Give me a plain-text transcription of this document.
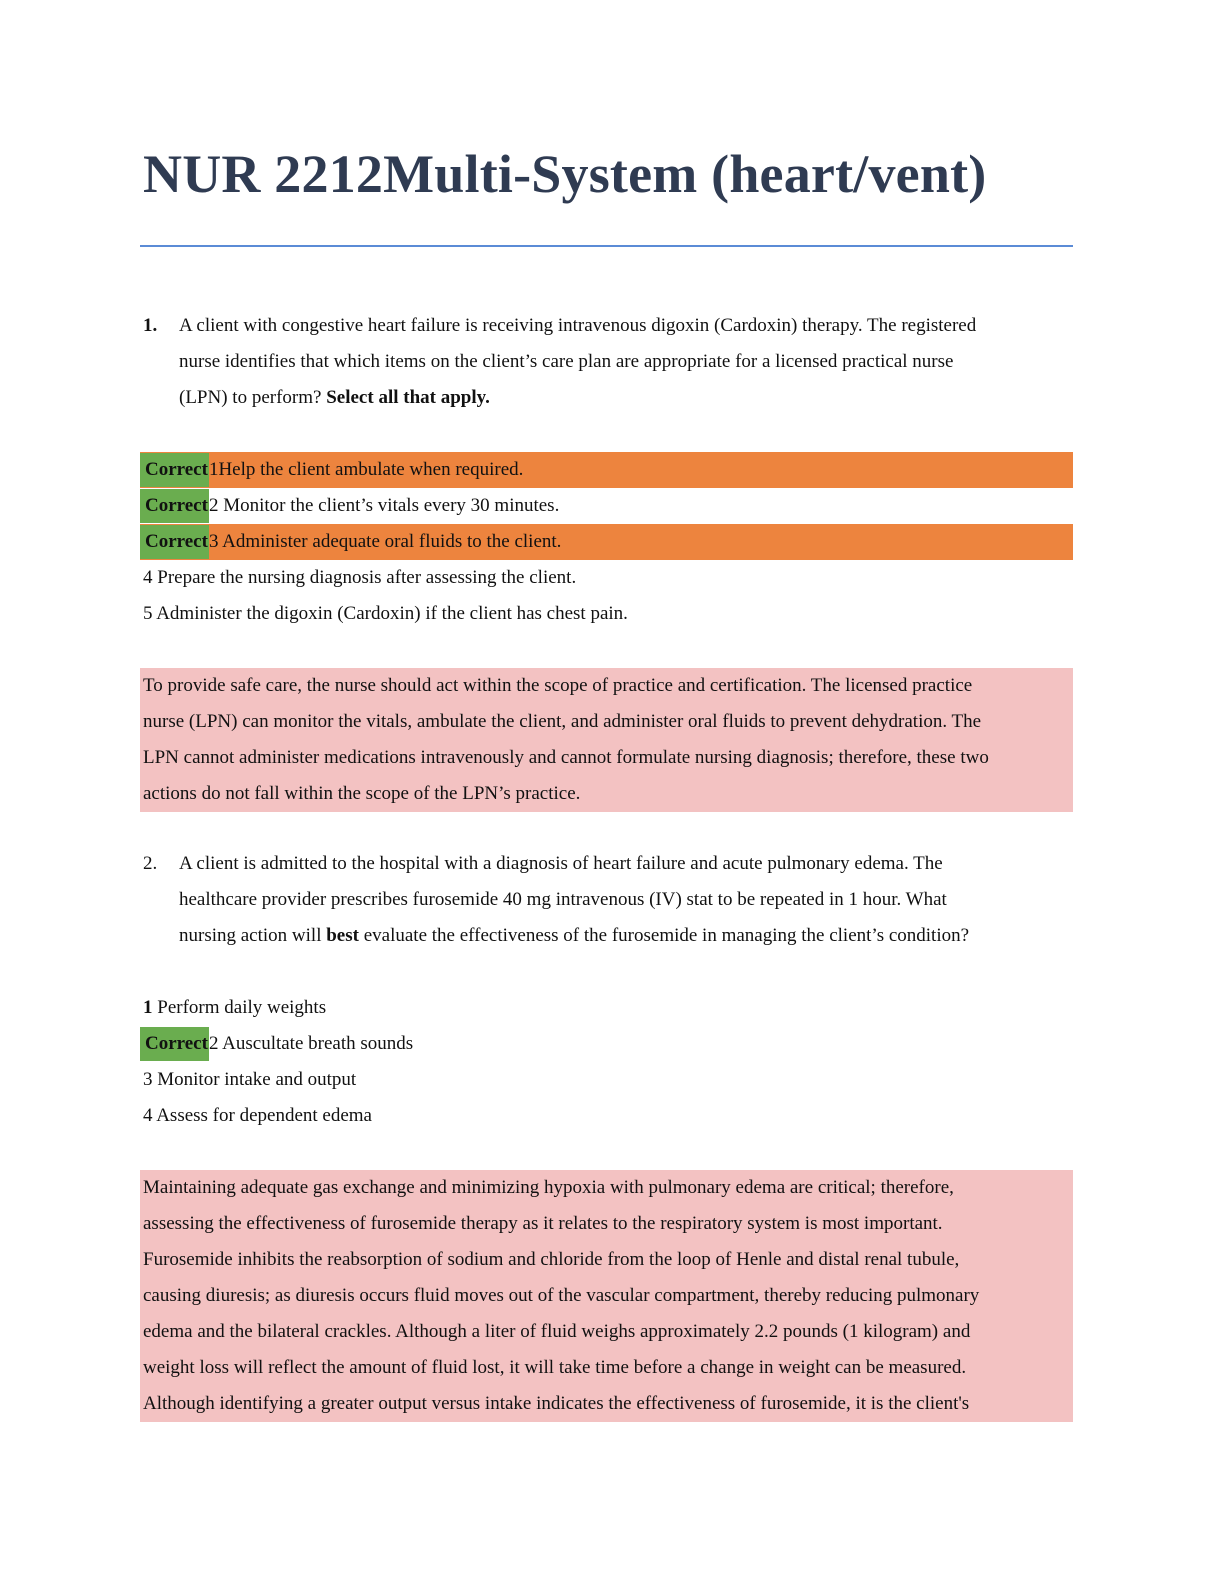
NUR 2212Multi-System (heart/vent)
1. A client with congestive heart failure is receiving intravenous digoxin (Cardoxin) therapy. The registered
nurse identifies that which items on the client’s care plan are appropriate for a licensed practical nurse
(LPN) to perform? Select all that apply.
Correct1Help the client ambulate when required.
Correct2 Monitor the client’s vitals every 30 minutes.
Correct3 Administer adequate oral fluids to the client.
4 Prepare the nursing diagnosis after assessing the client.
5 Administer the digoxin (Cardoxin) if the client has chest pain.

To provide safe care, the nurse should act within the scope of practice and certification. The licensed practice

nurse (LPN) can monitor the vitals, ambulate the client, and administer oral fluids to prevent dehydration. The

LPN cannot administer medications intravenously and cannot formulate nursing diagnosis; therefore, these two

actions do not fall within the scope of the LPN’s practice.

2. A client is admitted to the hospital with a diagnosis of heart failure and acute pulmonary edema. The
healthcare provider prescribes furosemide 40 mg intravenous (IV) stat to be repeated in 1 hour. What
nursing action will best evaluate the effectiveness of the furosemide in managing the client’s condition?
1 Perform daily weights
Correct2 Auscultate breath sounds
3 Monitor intake and output
4 Assess for dependent edema

Maintaining adequate gas exchange and minimizing hypoxia with pulmonary edema are critical; therefore,

assessing the effectiveness of furosemide therapy as it relates to the respiratory system is most important.

Furosemide inhibits the reabsorption of sodium and chloride from the loop of Henle and distal renal tubule,

causing diuresis; as diuresis occurs fluid moves out of the vascular compartment, thereby reducing pulmonary

edema and the bilateral crackles. Although a liter of fluid weighs approximately 2.2 pounds (1 kilogram) and

weight loss will reflect the amount of fluid lost, it will take time before a change in weight can be measured.

Although identifying a greater output versus intake indicates the effectiveness of furosemide, it is the client's
